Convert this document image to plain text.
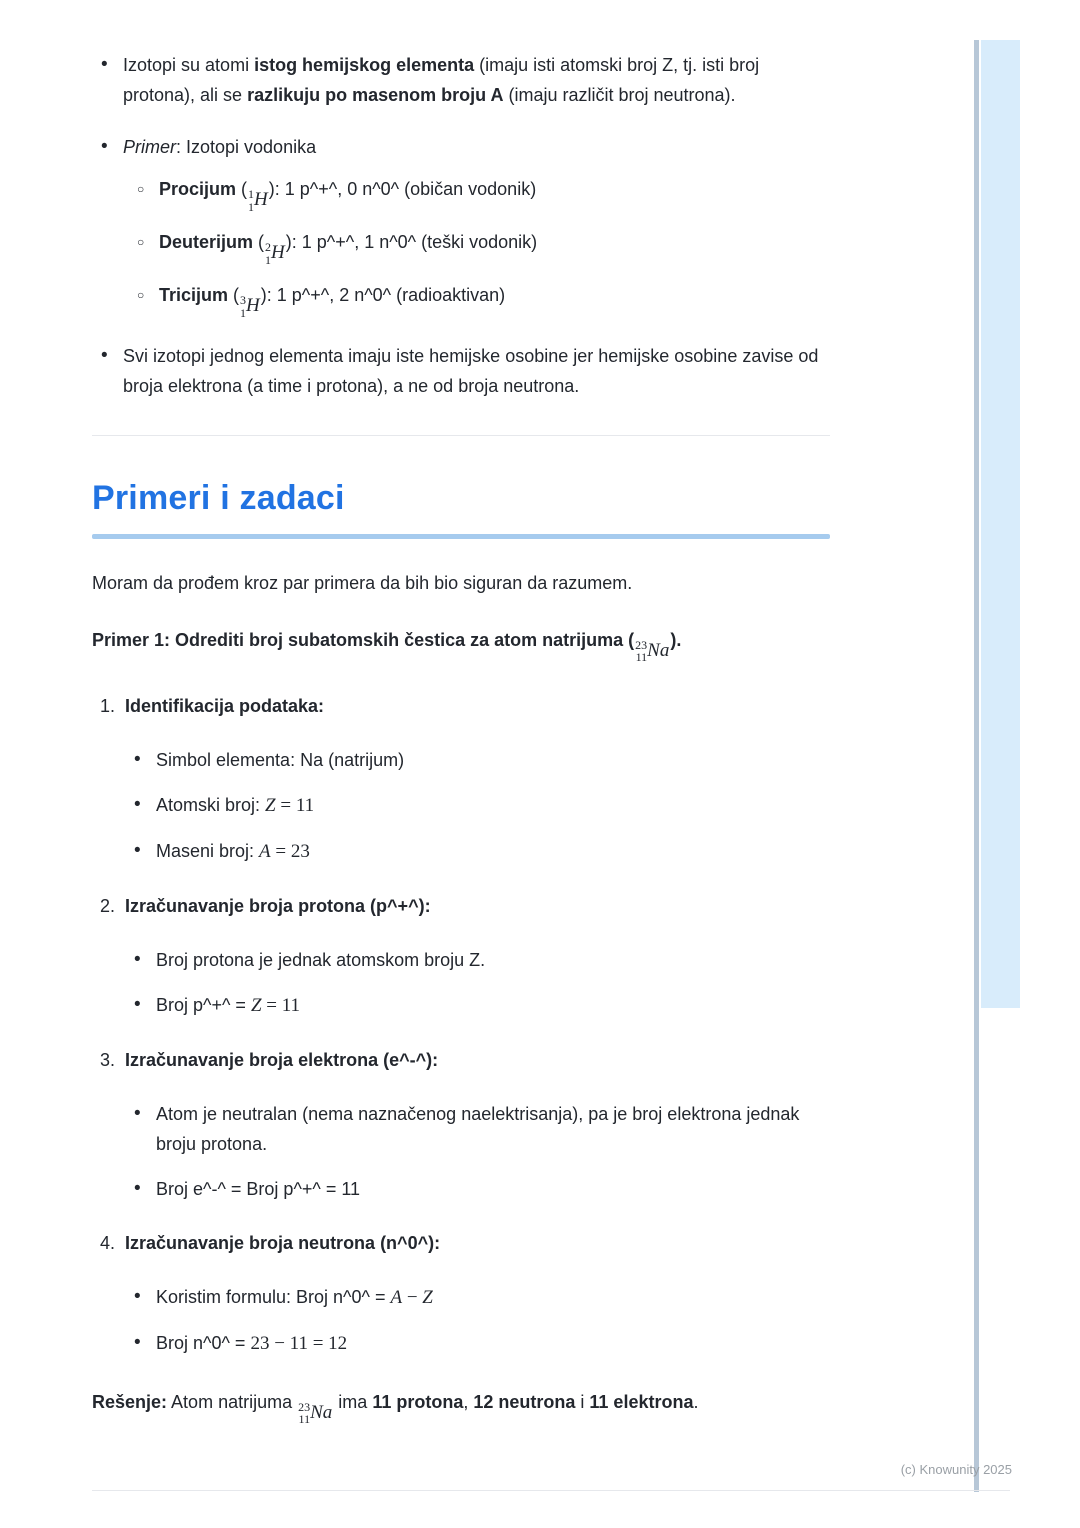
• Izotopi su atomi istog hemijskog elementa (imaju isti atomski broj Z, tj. isti broj protona), ali se razlikuju po masenom broju A (imaju različit broj neutrona).
• Primer: Izotopi vodonika
○ Procijum ( 1
1 H
): 1 p^+^, 0 n^0^ (običan vodonik)
○ Deuterijum ( 2
1 H
): 1 p^+^, 1 n^0^ (teški vodonik)
○ Tricijum ( 3
1 H
): 1 p^+^, 2 n^0^ (radioaktivan)
• Svi izotopi jednog elementa imaju iste hemijske osobine jer hemijske osobine zavise od broja elektrona (a time i protona), a ne od broja neutrona.
Primeri i zadaci

Moram da prođem kroz par primera da bih bio siguran da razumem.

Primer 1: Odrediti broj subatomskih čestica za atom natrijuma ( 23
11 Na
).

1. Identifikacija podataka:
• Simbol elementa: Na (natrijum)
• Atomski broj: Z = 11
• Maseni broj: A = 23
2. Izračunavanje broja protona (p^+^):
• Broj protona je jednak atomskom broju Z.
• Broj p^+^ = Z = 11
3. Izračunavanje broja elektrona (e^-^):
• Atom je neutralan (nema naznačenog naelektrisanja), pa je broj elektrona jednak broju protona.
• Broj e^-^ = Broj p^+^ = 11
4. Izračunavanje broja neutrona (n^0^):
• Koristim formulu: Broj n^0^ = A − Z
• Broj n^0^ = 23 − 11 = 12

Rešenje: Atom natrijuma 23
11 Na
ima 11 protona, 12 neutrona i 11 elektrona.

(c) Knowunity 2025
